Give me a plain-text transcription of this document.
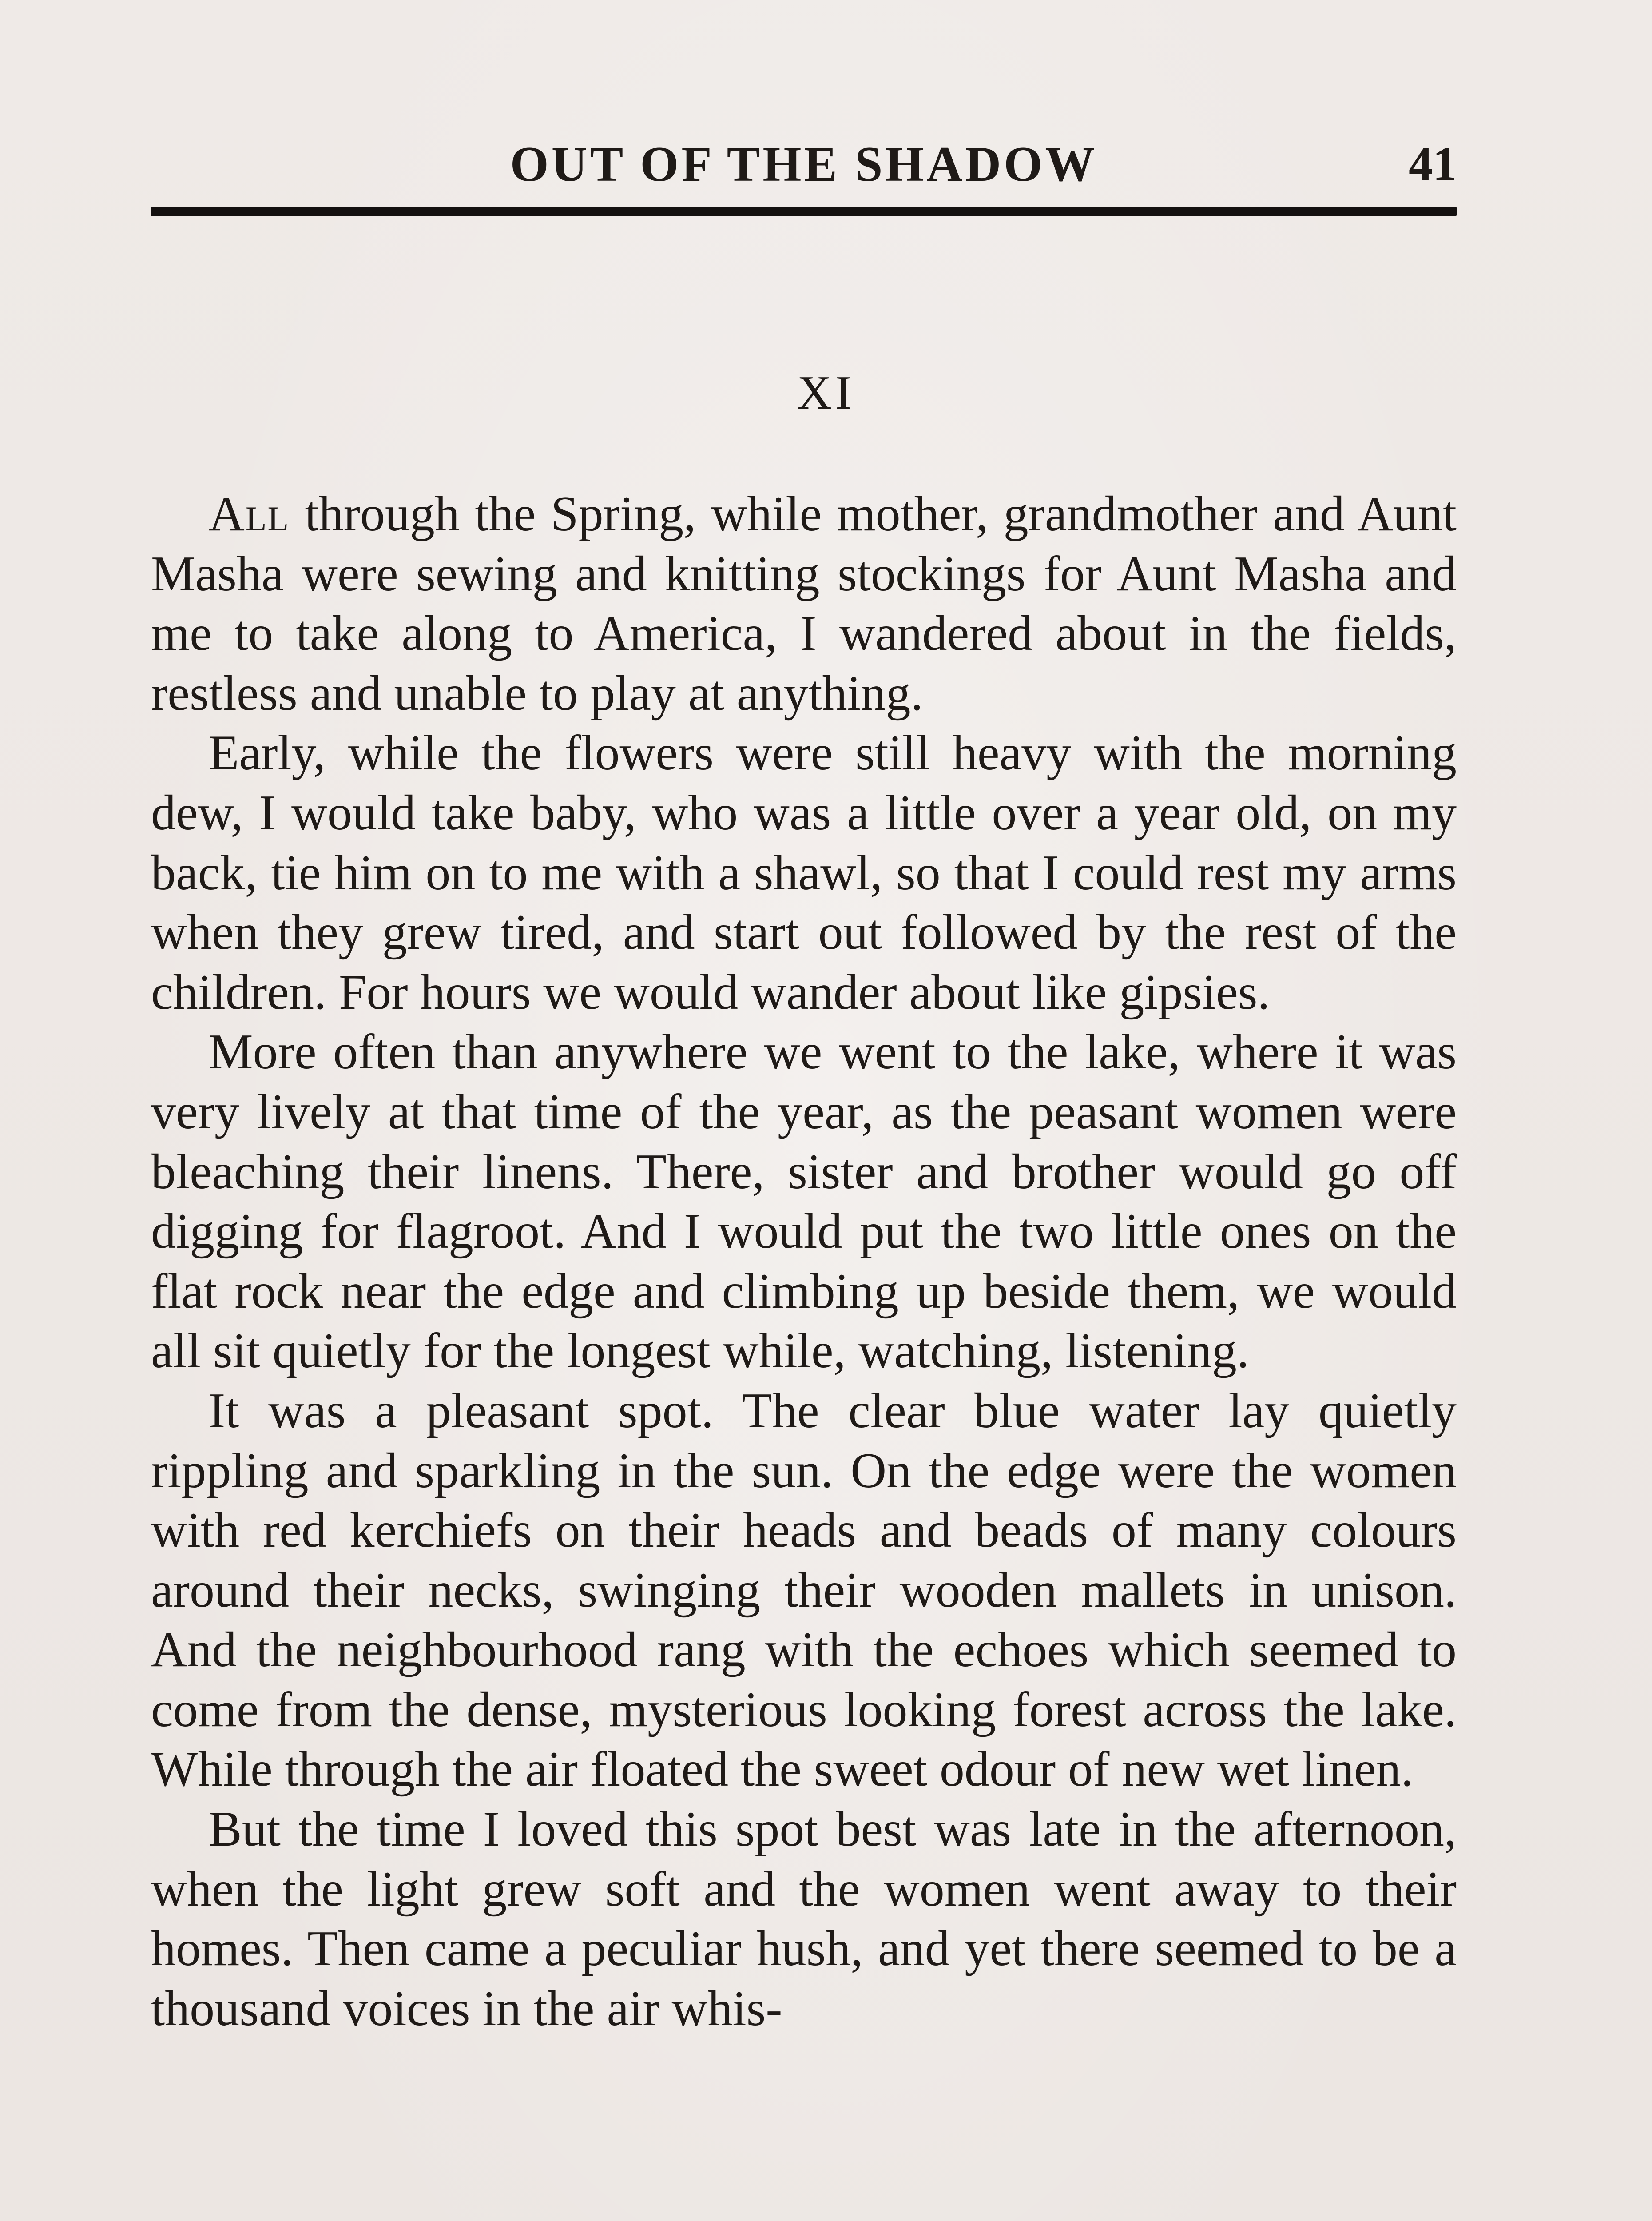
OUT OF THE SHADOW	41
XI

All through the Spring, while mother, grandmother and Aunt Masha were sewing and knitting stockings for Aunt Masha and me to take along to America, I wandered about in the fields, restless and unable to play at anything.

Early, while the flowers were still heavy with the morning dew, I would take baby, who was a little over a year old, on my back, tie him on to me with a shawl, so that I could rest my arms when they grew tired, and start out followed by the rest of the children. For hours we would wander about like gipsies.

More often than anywhere we went to the lake, where it was very lively at that time of the year, as the peasant women were bleaching their linens. There, sister and brother would go off digging for flagroot. And I would put the two little ones on the flat rock near the edge and climbing up beside them, we would all sit quietly for the longest while, watching, listening.

It was a pleasant spot. The clear blue water lay quietly rippling and sparkling in the sun. On the edge were the women with red kerchiefs on their heads and beads of many colours around their necks, swinging their wooden mallets in unison. And the neighbourhood rang with the echoes which seemed to come from the dense, mysterious looking forest across the lake. While through the air floated the sweet odour of new wet linen.

But the time I loved this spot best was late in the afternoon, when the light grew soft and the women went away to their homes. Then came a peculiar hush, and yet there seemed to be a thousand voices in the air whis-
